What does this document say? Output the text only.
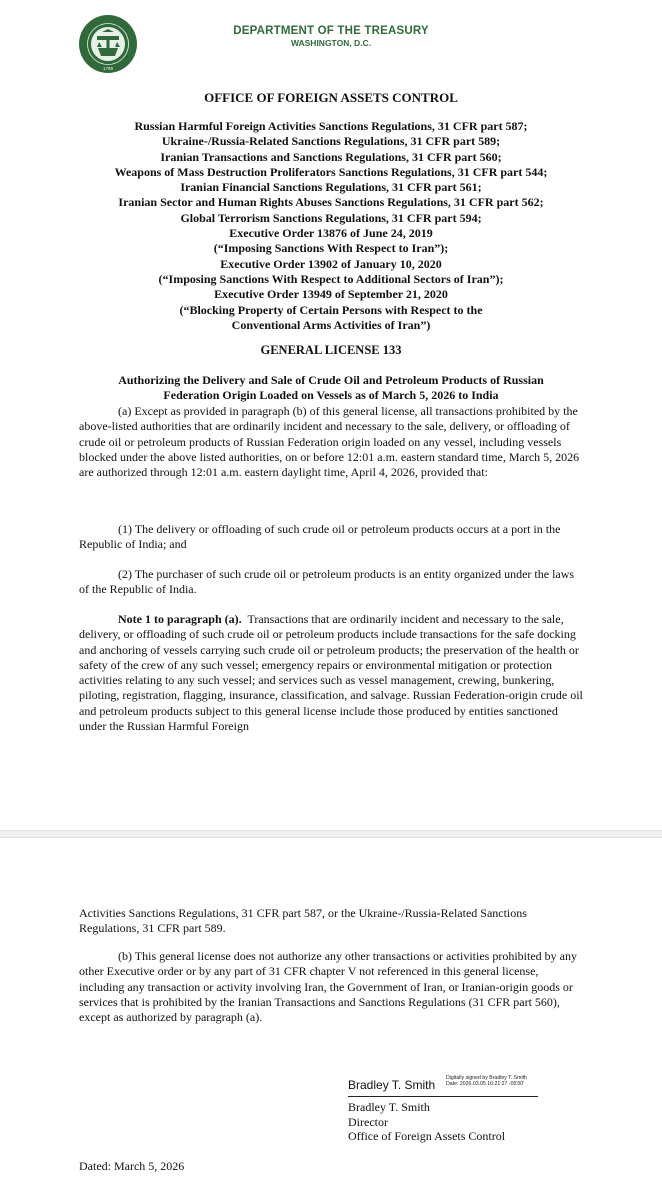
1789
DEPARTMENT OF THE TREASURY
WASHINGTON, D.C.
OFFICE OF FOREIGN ASSETS CONTROL
Russian Harmful Foreign Activities Sanctions Regulations, 31 CFR part 587;
Ukraine-/Russia-Related Sanctions Regulations, 31 CFR part 589;
Iranian Transactions and Sanctions Regulations, 31 CFR part 560;
Weapons of Mass Destruction Proliferators Sanctions Regulations, 31 CFR part 544;
Iranian Financial Sanctions Regulations, 31 CFR part 561;
Iranian Sector and Human Rights Abuses Sanctions Regulations, 31 CFR part 562;
Global Terrorism Sanctions Regulations, 31 CFR part 594;
Executive Order 13876 of June 24, 2019
(“Imposing Sanctions With Respect to Iran”);
Executive Order 13902 of January 10, 2020
(“Imposing Sanctions With Respect to Additional Sectors of Iran”);
Executive Order 13949 of September 21, 2020
(“Blocking Property of Certain Persons with Respect to the
Conventional Arms Activities of Iran”)
GENERAL LICENSE 133
Authorizing the Delivery and Sale of Crude Oil and Petroleum Products of Russian
Federation Origin Loaded on Vessels as of March 5, 2026 to India

(a) Except as provided in paragraph (b) of this general license, all transactions prohibited by the above-listed authorities that are ordinarily incident and necessary to the sale, delivery, or offloading of crude oil or petroleum products of Russian Federation origin loaded on any vessel, including vessels blocked under the above listed authorities, on or before 12:01 a.m. eastern standard time, March 5, 2026 are authorized through 12:01 a.m. eastern daylight time, April 4, 2026, provided that:

(1) The delivery or offloading of such crude oil or petroleum products occurs at a port in the Republic of India; and

(2) The purchaser of such crude oil or petroleum products is an entity organized under the laws of the Republic of India.

Note 1 to paragraph (a). Transactions that are ordinarily incident and necessary to the sale, delivery, or offloading of such crude oil or petroleum products include transactions for the safe docking and anchoring of vessels carrying such crude oil or petroleum products; the preservation of the health or safety of the crew of any such vessel; emergency repairs or environmental mitigation or protection activities relating to any such vessel; and services such as vessel management, crewing, bunkering, piloting, registration, flagging, insurance, classification, and salvage. Russian Federation-origin crude oil and petroleum products subject to this general license include those produced by entities sanctioned under the Russian Harmful Foreign

Activities Sanctions Regulations, 31 CFR part 587, or the Ukraine-/Russia-Related Sanctions Regulations, 31 CFR part 589.

(b) This general license does not authorize any other transactions or activities prohibited by any other Executive order or by any part of 31 CFR chapter V not referenced in this general license, including any transaction or activity involving Iran, the Government of Iran, or Iranian-origin goods or services that is prohibited by the Iranian Transactions and Sanctions Regulations (31 CFR part 560), except as authorized by paragraph (a).

Bradley T. Smith Digitally signed by Bradley T. Smith
Date: 2026.03.05 16:21:27 -05'00'
Bradley T. Smith
Director
Office of Foreign Assets Control
Dated: March 5, 2026
